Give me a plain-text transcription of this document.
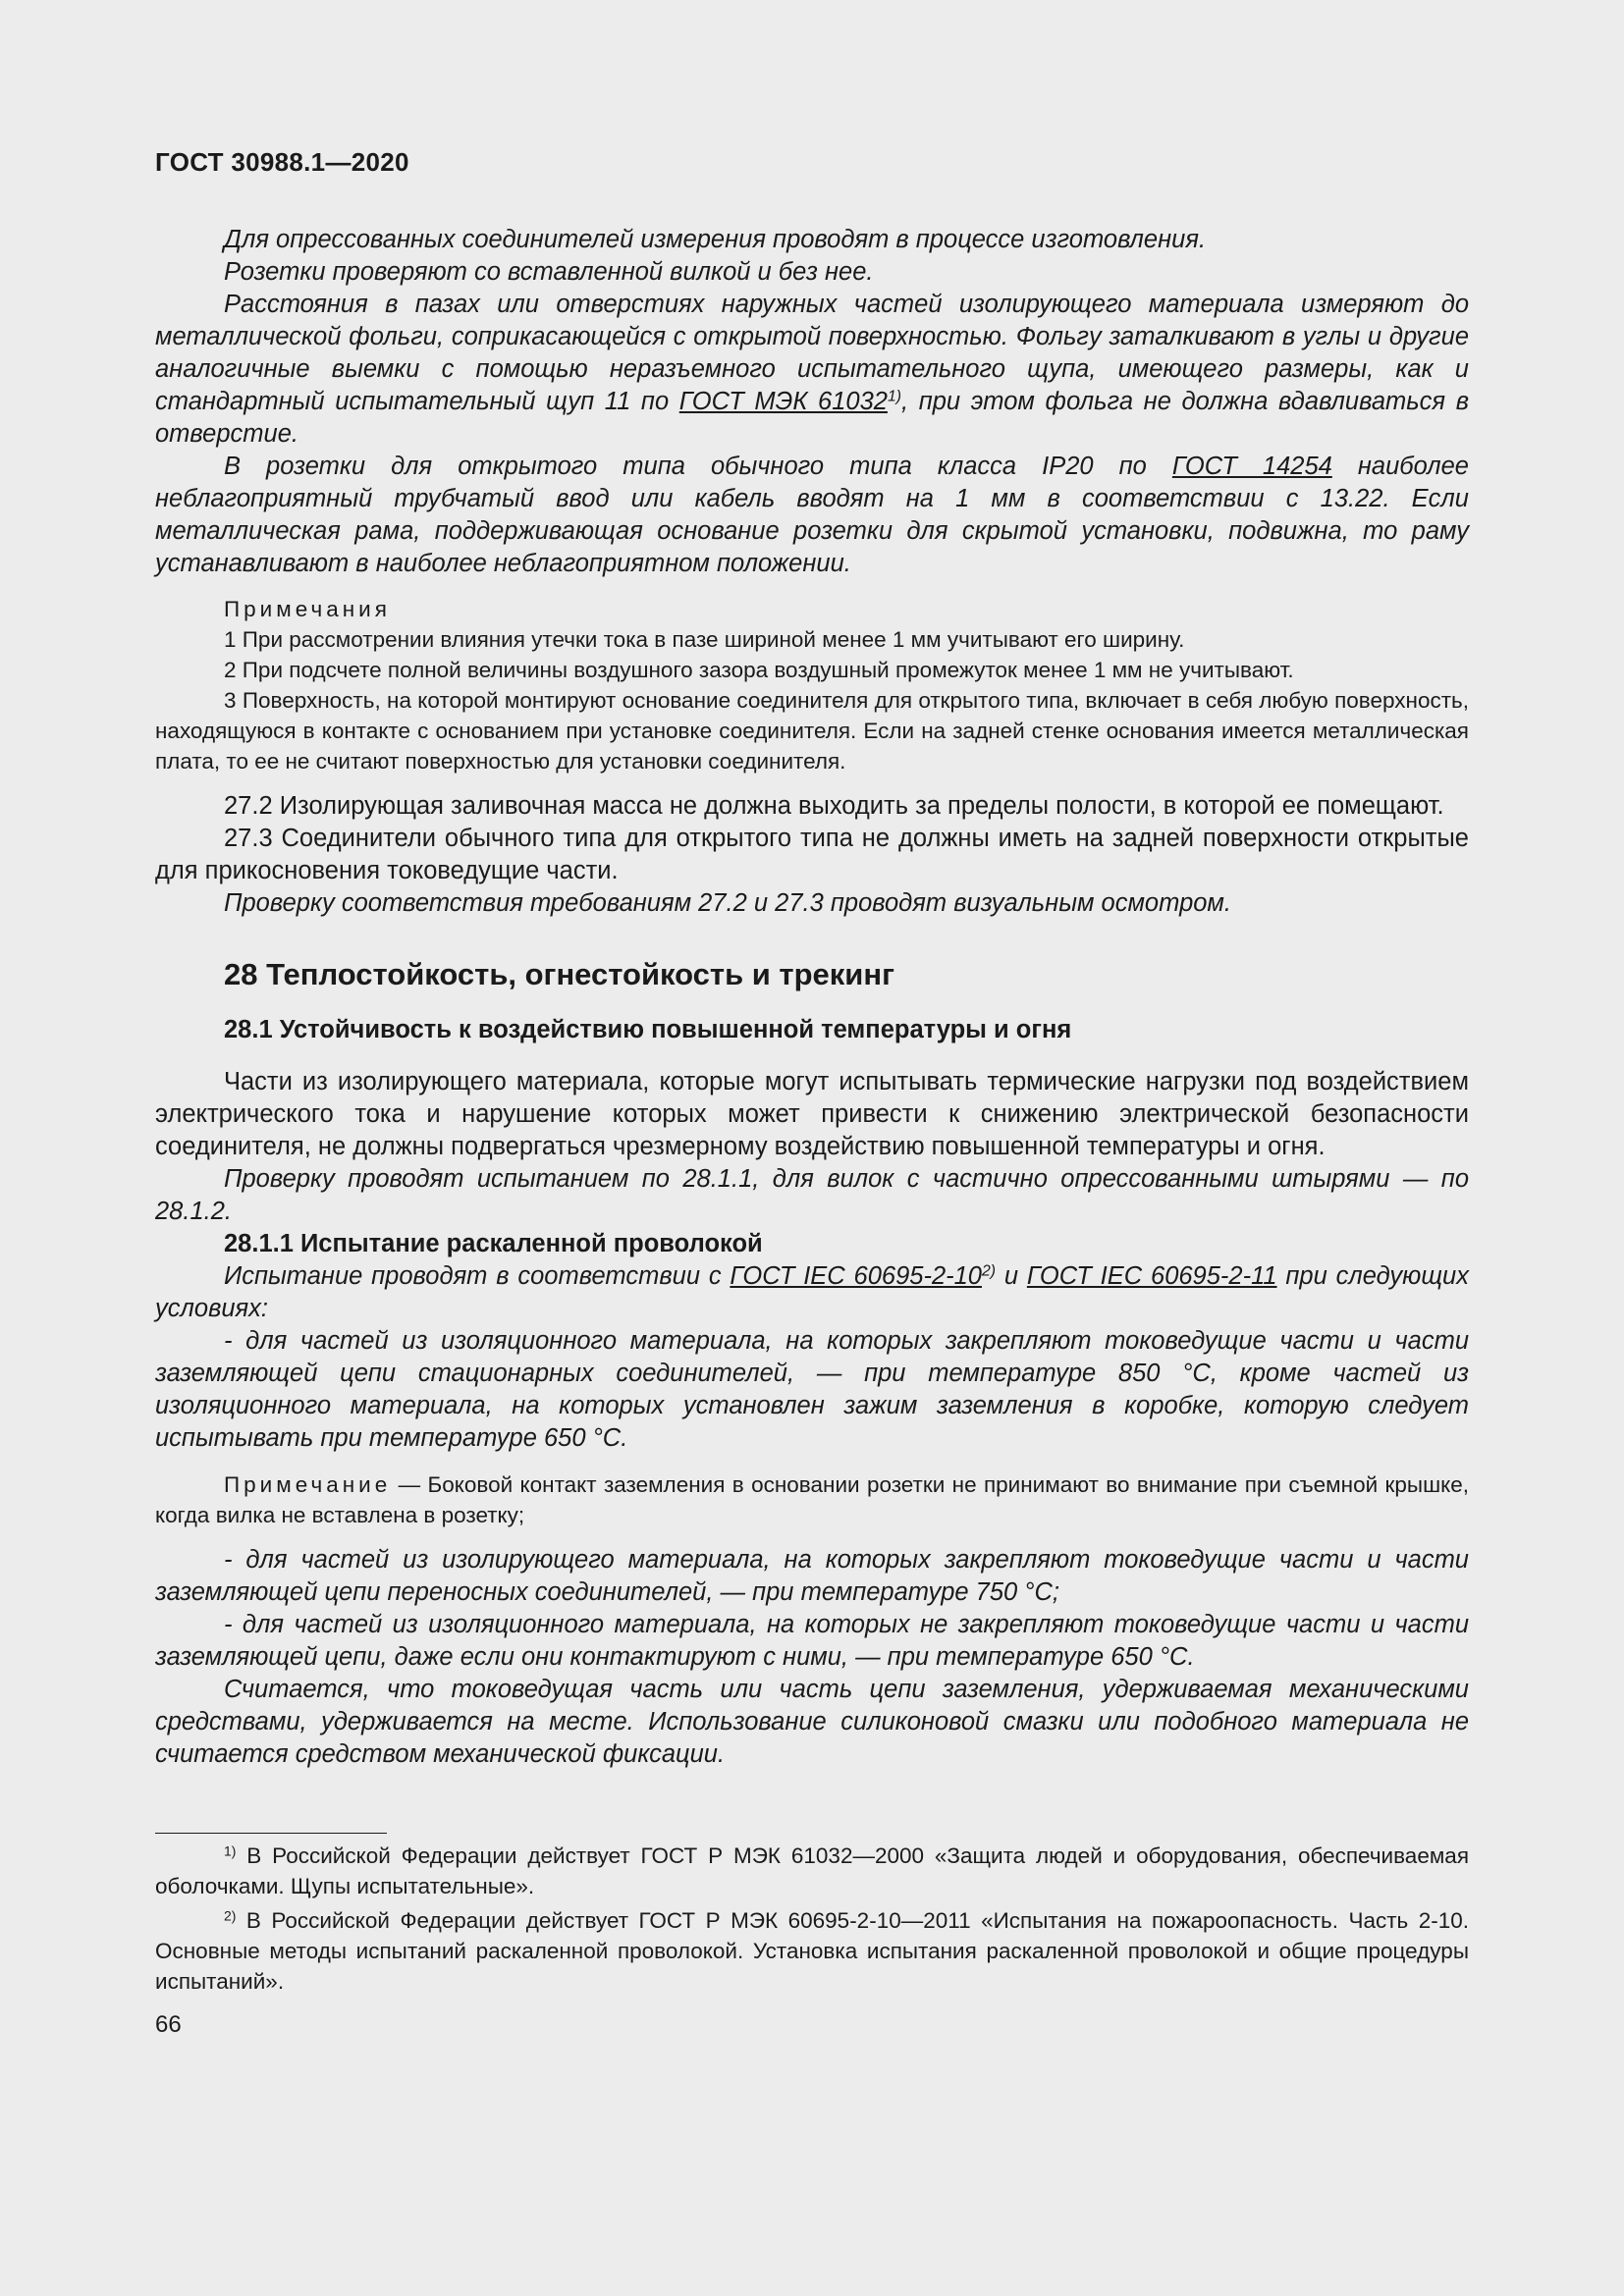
ГОСТ 30988.1—2020

Для опрессованных соединителей измерения проводят в процессе изготовления.

Розетки проверяют со вставленной вилкой и без нее.

Расстояния в пазах или отверстиях наружных частей изолирующего материала измеряют до металлической фольги, соприкасающейся с открытой поверхностью. Фольгу заталкивают в углы и другие аналогичные выемки с помощью неразъемного испытательного щупа, имеющего размеры, как и стандартный испытательный щуп 11 по ГОСТ МЭК 61032$^{1)}$, при этом фольга не должна вдавливаться в отверстие.

В розетки для открытого типа обычного типа класса IP20 по ГОСТ 14254 наиболее неблагоприятный трубчатый ввод или кабель вводят на 1 мм в соответствии с 13.22. Если металлическая рама, поддерживающая основание розетки для скрытой установки, подвижна, то раму устанавливают в наиболее неблагоприятном положении.

Примечания

1 При рассмотрении влияния утечки тока в пазе шириной менее 1 мм учитывают его ширину.

2 При подсчете полной величины воздушного зазора воздушный промежуток менее 1 мм не учитывают.

3 Поверхность, на которой монтируют основание соединителя для открытого типа, включает в себя любую поверхность, находящуюся в контакте с основанием при установке соединителя. Если на задней стенке основания имеется металлическая плата, то ее не считают поверхностью для установки соединителя.

27.2 Изолирующая заливочная масса не должна выходить за пределы полости, в которой ее помещают.

27.3 Соединители обычного типа для открытого типа не должны иметь на задней поверхности открытые для прикосновения токоведущие части.

Проверку соответствия требованиям 27.2 и 27.3 проводят визуальным осмотром.

28 Теплостойкость, огнестойкость и трекинг
28.1 Устойчивость к воздействию повышенной температуры и огня

Части из изолирующего материала, которые могут испытывать термические нагрузки под воздействием электрического тока и нарушение которых может привести к снижению электрической безопасности соединителя, не должны подвергаться чрезмерному воздействию повышенной температуры и огня.

Проверку проводят испытанием по 28.1.1, для вилок с частично опрессованными штырями — по 28.1.2.

28.1.1 Испытание раскаленной проволокой

Испытание проводят в соответствии с ГОСТ IEC 60695-2-10$^{2)}$ и ГОСТ IEC 60695-2-11 при следующих условиях:

- для частей из изоляционного материала, на которых закрепляют токоведущие части и части заземляющей цепи стационарных соединителей, — при температуре 850 °С, кроме частей из изоляционного материала, на которых установлен зажим заземления в коробке, которую следует испытывать при температуре 650 °С.

Примечание — Боковой контакт заземления в основании розетки не принимают во внимание при съемной крышке, когда вилка не вставлена в розетку;

- для частей из изолирующего материала, на которых закрепляют токоведущие части и части заземляющей цепи переносных соединителей, — при температуре 750 °С;

- для частей из изоляционного материала, на которых не закрепляют токоведущие части и части заземляющей цепи, даже если они контактируют с ними, — при температуре 650 °С.

Считается, что токоведущая часть или часть цепи заземления, удерживаемая механическими средствами, удерживается на месте. Использование силиконовой смазки или подобного материала не считается средством механической фиксации.

$^{1)}$ В Российской Федерации действует ГОСТ Р МЭК 61032—2000 «Защита людей и оборудования, обеспечиваемая оболочками. Щупы испытательные».

$^{2)}$ В Российской Федерации действует ГОСТ Р МЭК 60695-2-10—2011 «Испытания на пожароопасность. Часть 2-10. Основные методы испытаний раскаленной проволокой. Установка испытания раскаленной проволокой и общие процедуры испытаний».

66
